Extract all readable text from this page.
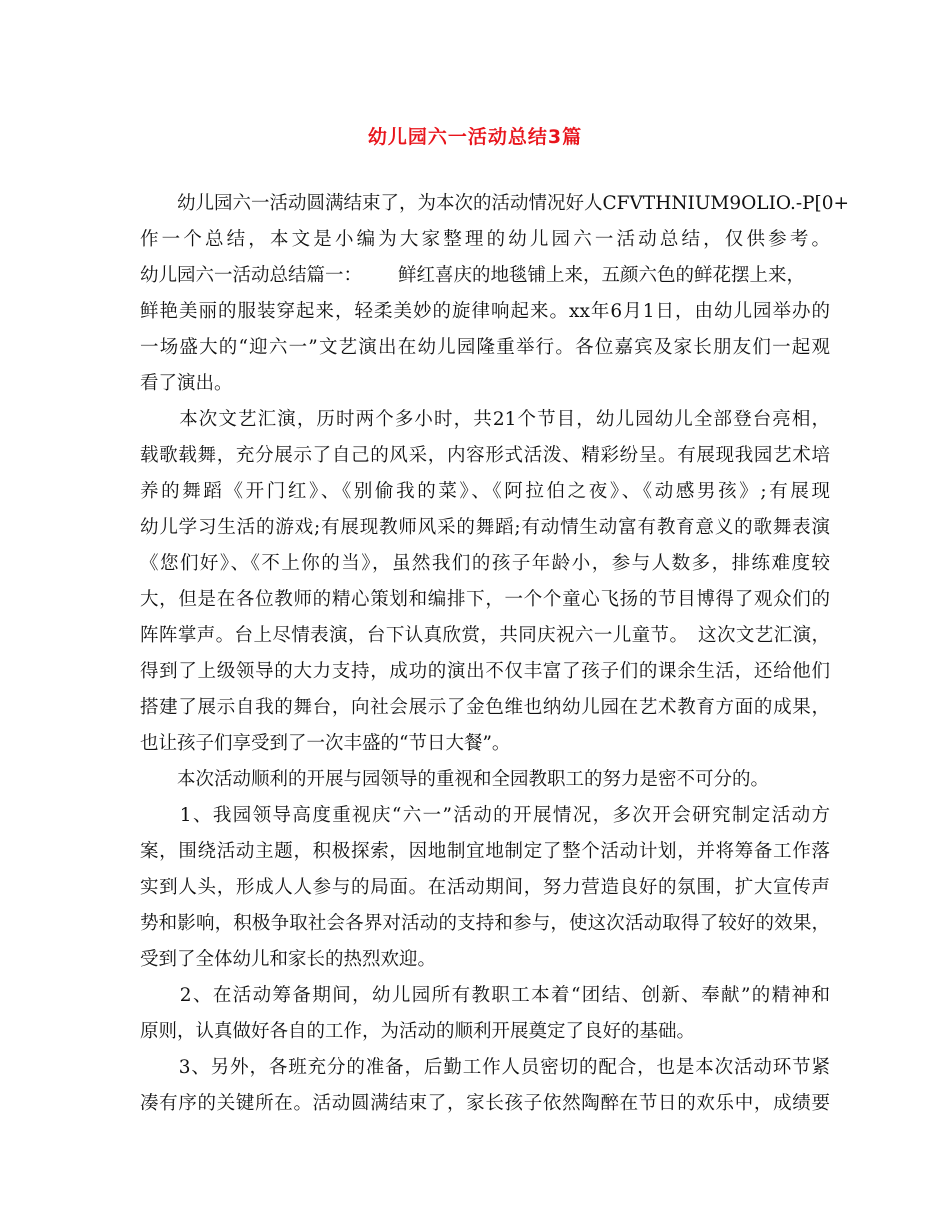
幼儿园六一活动总结3篇
　　幼儿园六一活动圆满结束了，为本次的活动情况好人CFVTHNIUM9OLIO.-P[0+
作一个总结，本文是小编为大家整理的幼儿园六一活动总结，仅供参考。
幼儿园六一活动总结篇一： 鲜红喜庆的地毯铺上来，五颜六色的鲜花摆上来，
鲜艳美丽的服装穿起来，轻柔美妙的旋律响起来。xx年6月1日，由幼儿园举办的
一场盛大的“迎六一”文艺演出在幼儿园隆重举行。各位嘉宾及家长朋友们一起观
看了演出。
　　本次文艺汇演，历时两个多小时，共21个节目，幼儿园幼儿全部登台亮相，
载歌载舞，充分展示了自己的风采，内容形式活泼、精彩纷呈。有展现我园艺术培
养的舞蹈《开门红》、《别偷我的菜》、《阿拉伯之夜》、《动感男孩》;有展现
幼儿学习生活的游戏;有展现教师风采的舞蹈;有动情生动富有教育意义的歌舞表演
《您们好》、《不上你的当》，虽然我们的孩子年龄小，参与人数多，排练难度较
大，但是在各位教师的精心策划和编排下，一个个童心飞扬的节目博得了观众们的
阵阵掌声。台上尽情表演，台下认真欣赏，共同庆祝六一儿童节。　这次文艺汇演，
得到了上级领导的大力支持，成功的演出不仅丰富了孩子们的课余生活，还给他们
搭建了展示自我的舞台，向社会展示了金色维也纳幼儿园在艺术教育方面的成果，
也让孩子们享受到了一次丰盛的“节日大餐”。
　　本次活动顺利的开展与园领导的重视和全园教职工的努力是密不可分的。
　　1、我园领导高度重视庆“六一”活动的开展情况，多次开会研究制定活动方
案，围绕活动主题，积极探索，因地制宜地制定了整个活动计划，并将筹备工作落
实到人头，形成人人参与的局面。在活动期间，努力营造良好的氛围，扩大宣传声
势和影响，积极争取社会各界对活动的支持和参与，使这次活动取得了较好的效果，
受到了全体幼儿和家长的热烈欢迎。
　　2、在活动筹备期间，幼儿园所有教职工本着“团结、创新、奉献”的精神和
原则，认真做好各自的工作，为活动的顺利开展奠定了良好的基础。
　　3、另外，各班充分的准备，后勤工作人员密切的配合，也是本次活动环节紧
凑有序的关键所在。活动圆满结束了，家长孩子依然陶醉在节日的欢乐中，成绩要
